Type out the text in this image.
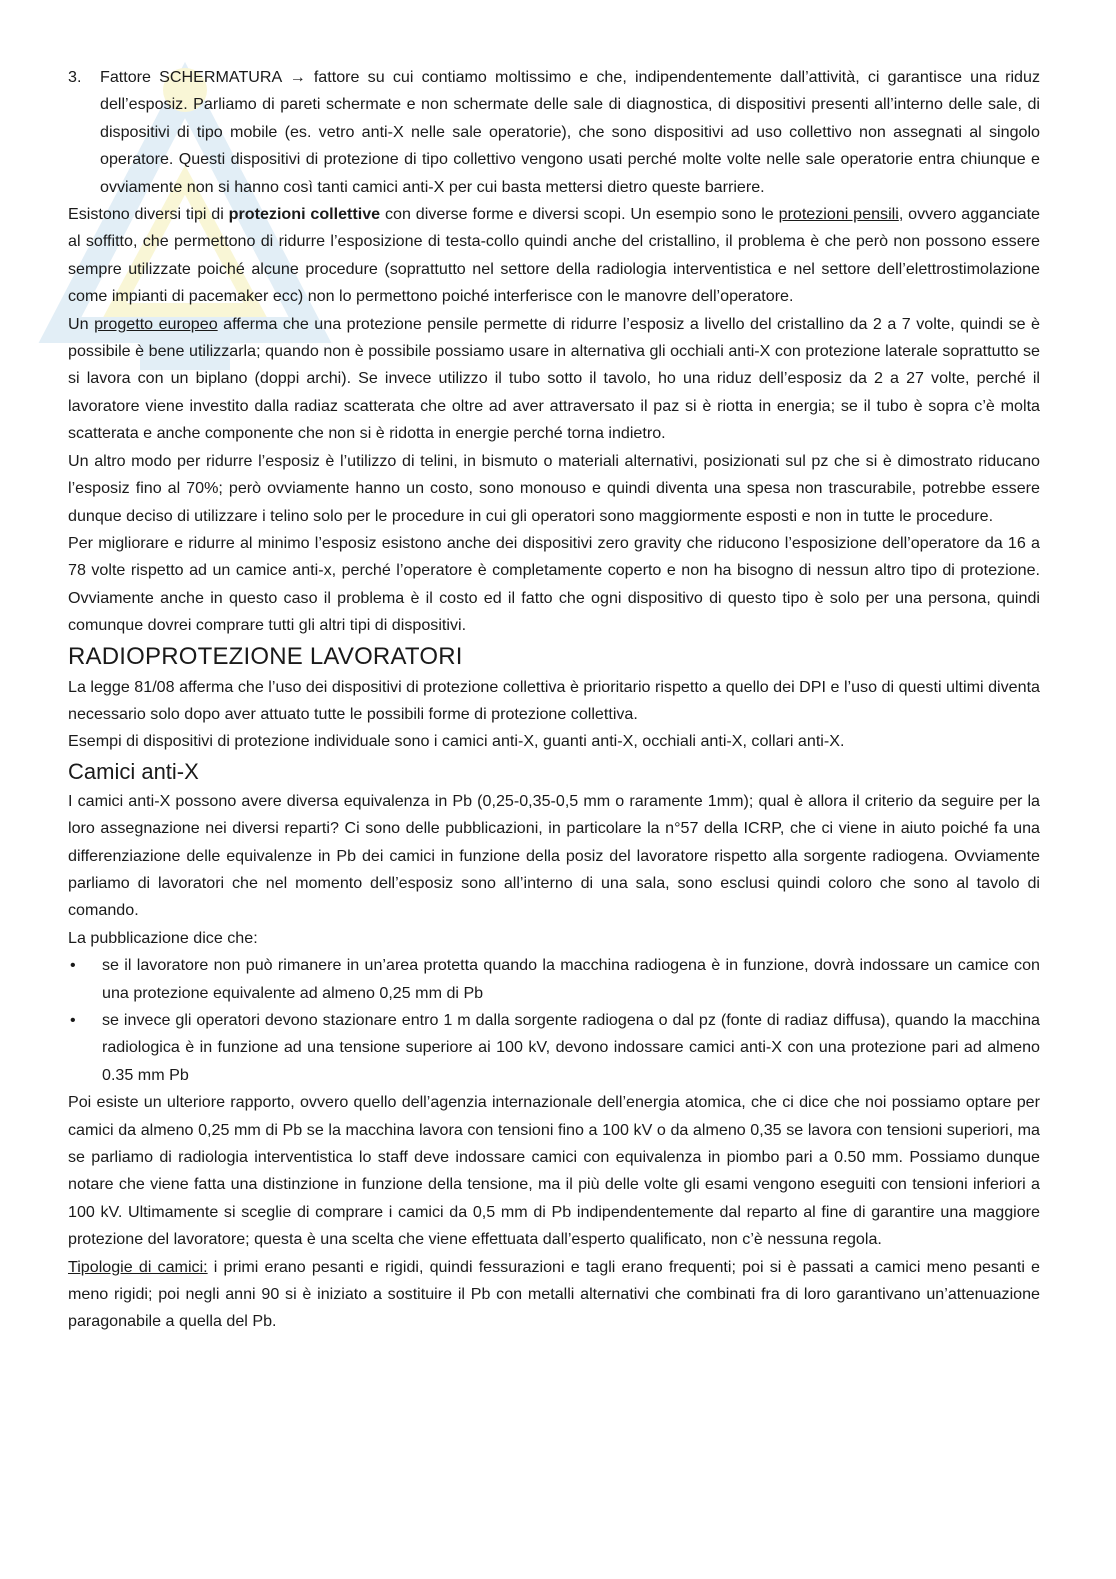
3.	Fattore SCHERMATURA → fattore su cui contiamo moltissimo e che, indipendentemente dall’attività, ci garantisce una riduz dell’esposiz. Parliamo di pareti schermate e non schermate delle sale di diagnostica, di dispositivi presenti all’interno delle sale, di dispositivi di tipo mobile (es. vetro anti-X nelle sale operatorie), che sono dispositivi ad uso collettivo non assegnati al singolo operatore. Questi dispositivi di protezione di tipo collettivo vengono usati perché molte volte nelle sale operatorie entra chiunque e ovviamente non si hanno così tanti camici anti-X per cui basta mettersi dietro queste barriere.

Esistono diversi tipi di protezioni collettive con diverse forme e diversi scopi. Un esempio sono le protezioni pensili, ovvero agganciate al soffitto, che permettono di ridurre l’esposizione di testa-collo quindi anche del cristallino, il problema è che però non possono essere sempre utilizzate poiché alcune procedure (soprattutto nel settore della radiologia interventistica e nel settore dell’elettrostimolazione come impianti di pacemaker ecc) non lo permettono poiché interferisce con le manovre dell’operatore.

Un progetto europeo afferma che una protezione pensile permette di ridurre l’esposiz a livello del cristallino da 2 a 7 volte, quindi se è possibile è bene utilizzarla; quando non è possibile possiamo usare in alternativa gli occhiali anti-X con protezione laterale soprattutto se si lavora con un biplano (doppi archi). Se invece utilizzo il tubo sotto il tavolo, ho una riduz dell’esposiz da 2 a 27 volte, perché il lavoratore viene investito dalla radiaz scatterata che oltre ad aver attraversato il paz si è riotta in energia; se il tubo è sopra c’è molta scatterata e anche componente che non si è ridotta in energie perché torna indietro.

Un altro modo per ridurre l’esposiz è l’utilizzo di telini, in bismuto o materiali alternativi, posizionati sul pz che si è dimostrato riducano l’esposiz fino al 70%; però ovviamente hanno un costo, sono monouso e quindi diventa una spesa non trascurabile, potrebbe essere dunque deciso di utilizzare i telino solo per le procedure in cui gli operatori sono maggiormente esposti e non in tutte le procedure.

Per migliorare e ridurre al minimo l’esposiz esistono anche dei dispositivi zero gravity che riducono l’esposizione dell’operatore da 16 a 78 volte rispetto ad un camice anti-x, perché l’operatore è completamente coperto e non ha bisogno di nessun altro tipo di protezione. Ovviamente anche in questo caso il problema è il costo ed il fatto che ogni dispositivo di questo tipo è solo per una persona, quindi comunque dovrei comprare tutti gli altri tipi di dispositivi.

RADIOPROTEZIONE LAVORATORI

La legge 81/08 afferma che l’uso dei dispositivi di protezione collettiva è prioritario rispetto a quello dei DPI e l’uso di questi ultimi diventa necessario solo dopo aver attuato tutte le possibili forme di protezione collettiva.

Esempi di dispositivi di protezione individuale sono i camici anti-X, guanti anti-X, occhiali anti-X, collari anti-X.

Camici anti-X

I camici anti-X possono avere diversa equivalenza in Pb (0,25-0,35-0,5 mm o raramente 1mm); qual è allora il criterio da seguire per la loro assegnazione nei diversi reparti? Ci sono delle pubblicazioni, in particolare la n°57 della ICRP, che ci viene in aiuto poiché fa una differenziazione delle equivalenze in Pb dei camici in funzione della posiz del lavoratore rispetto alla sorgente radiogena. Ovviamente parliamo di lavoratori che nel momento dell’esposiz sono all’interno di una sala, sono esclusi quindi coloro che sono al tavolo di comando.

La pubblicazione dice che:

•	se il lavoratore non può rimanere in un’area protetta quando la macchina radiogena è in funzione, dovrà indossare un camice con una protezione equivalente ad almeno 0,25 mm di Pb
•	se invece gli operatori devono stazionare entro 1 m dalla sorgente radiogena o dal pz (fonte di radiaz diffusa), quando la macchina radiologica è in funzione ad una tensione superiore ai 100 kV, devono indossare camici anti-X con una protezione pari ad almeno 0.35 mm Pb

Poi esiste un ulteriore rapporto, ovvero quello dell’agenzia internazionale dell’energia atomica, che ci dice che noi possiamo optare per camici da almeno 0,25 mm di Pb se la macchina lavora con tensioni fino a 100 kV o da almeno 0,35 se lavora con tensioni superiori, ma se parliamo di radiologia interventistica lo staff deve indossare camici con equivalenza in piombo pari a 0.50 mm. Possiamo dunque notare che viene fatta una distinzione in funzione della tensione, ma il più delle volte gli esami vengono eseguiti con tensioni inferiori a 100 kV. Ultimamente si sceglie di comprare i camici da 0,5 mm di Pb indipendentemente dal reparto al fine di garantire una maggiore protezione del lavoratore; questa è una scelta che viene effettuata dall’esperto qualificato, non c’è nessuna regola.

Tipologie di camici: i primi erano pesanti e rigidi, quindi fessurazioni e tagli erano frequenti; poi si è passati a camici meno pesanti e meno rigidi; poi negli anni 90 si è iniziato a sostituire il Pb con metalli alternativi che combinati fra di loro garantivano un’attenuazione paragonabile a quella del Pb.
